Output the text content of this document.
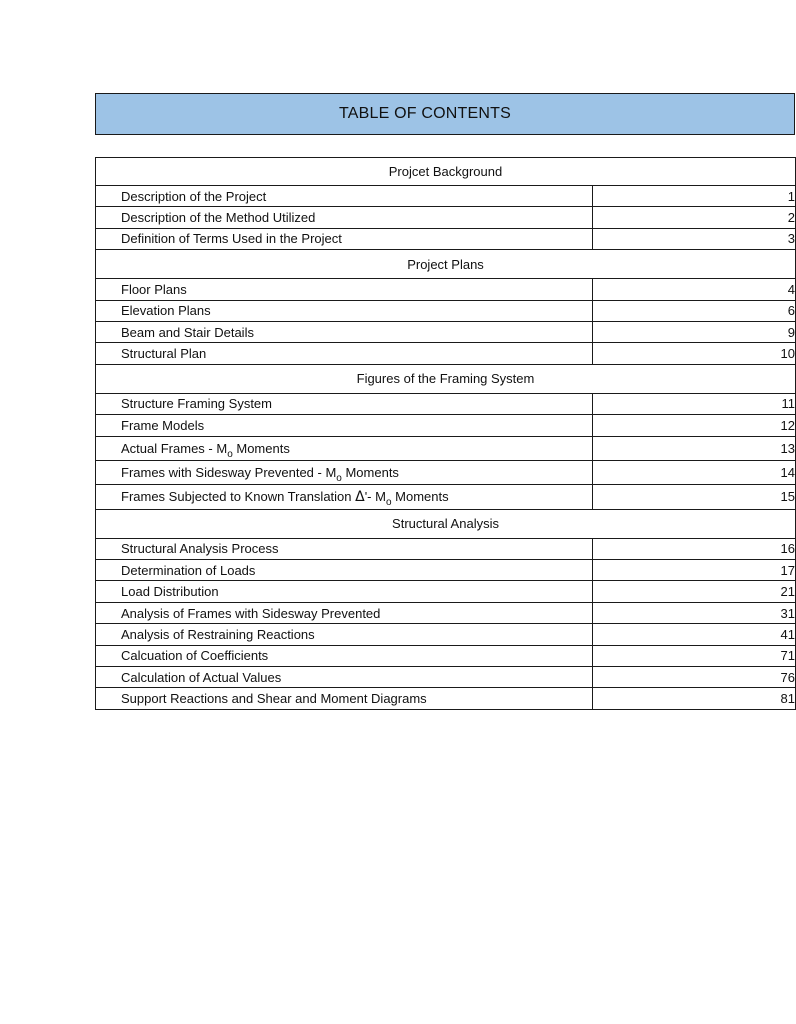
TABLE OF CONTENTS
Projcet Background	
Description of the Project	1
Description of the Method Utilized	2
Definition of Terms Used in the Project	3
Project Plans	
Floor Plans	4
Elevation Plans	6
Beam and Stair Details	9
Structural Plan	10
Figures of the Framing System	
Structure Framing System	11
Frame Models	12
Actual Frames - $M_o$ Moments	13
Frames with Sidesway Prevented - $M_o$ Moments	14
Frames Subjected to Known Translation Δ'- $M_o$ Moments	15
Structural Analysis	
Structural Analysis Process	16
Determination of Loads	17
Load Distribution	21
Analysis of Frames with Sidesway Prevented	31
Analysis of Restraining Reactions	41
Calcuation of Coefficients	71
Calculation of Actual Values	76
Support Reactions and Shear and Moment Diagrams	81
